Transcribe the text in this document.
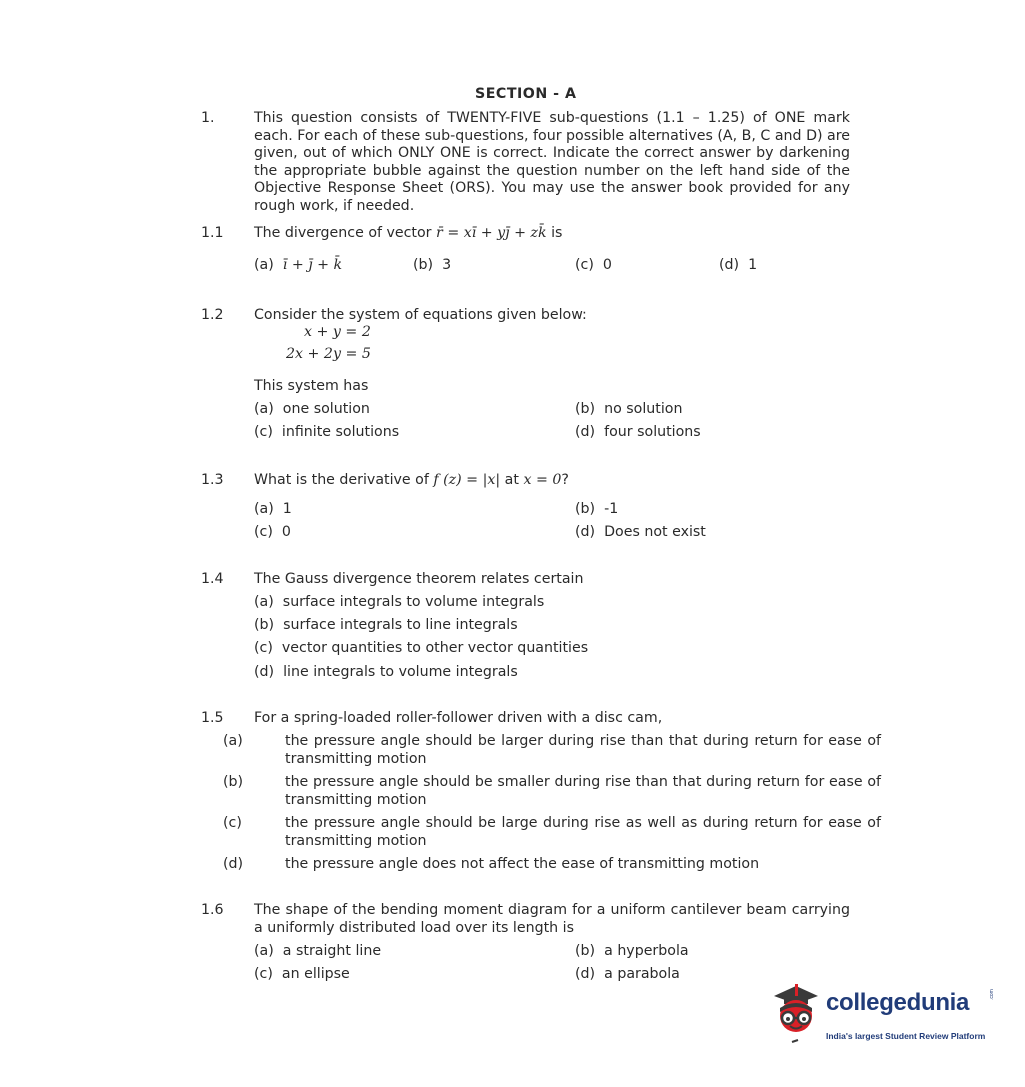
SECTION - A
1.	This question consists of TWENTY-FIVE sub-questions (1.1 – 1.25) of ONE mark each. For each of these sub-questions, four possible alternatives (A, B, C and D) are given, out of which ONLY ONE is correct. Indicate the correct answer by darkening the appropriate bubble against the question number on the left hand side of the Objective Response Sheet (ORS). You may use the answer book provided for any rough work, if needed.
1.1 The divergence of vector r̄ = xī + yj̄ + zk̄ is
(a) ī + j̄ + k̄	(b) 3	(c) 0	(d) 1
1.2 Consider the system of equations given below:
x + y = 2
2x + 2y = 5
This system has
(a) one solution	(b) no solution
(c) infinite solutions	(d) four solutions
1.3 What is the derivative of f (z) = |x| at x = 0?
(a) 1	(b) -1
(c) 0	(d) Does not exist
1.4 The Gauss divergence theorem relates certain
(a) surface integrals to volume integrals
(b) surface integrals to line integrals
(c) vector quantities to other vector quantities
(d) line integrals to volume integrals
1.5 For a spring-loaded roller-follower driven with a disc cam,
(a)	the pressure angle should be larger during rise than that during return for ease of transmitting motion
(b)	the pressure angle should be smaller during rise than that during return for ease of transmitting motion
(c)	the pressure angle should be large during rise as well as during return for ease of transmitting motion
(d)	the pressure angle does not affect the ease of transmitting motion
1.6 The shape of the bending moment diagram for a uniform cantilever beam carrying a uniformly distributed load over its length is
(a) a straight line	(b) a hyperbola
(c) an ellipse	(d) a parabola
collegedunia	.com
India's largest Student Review Platform
